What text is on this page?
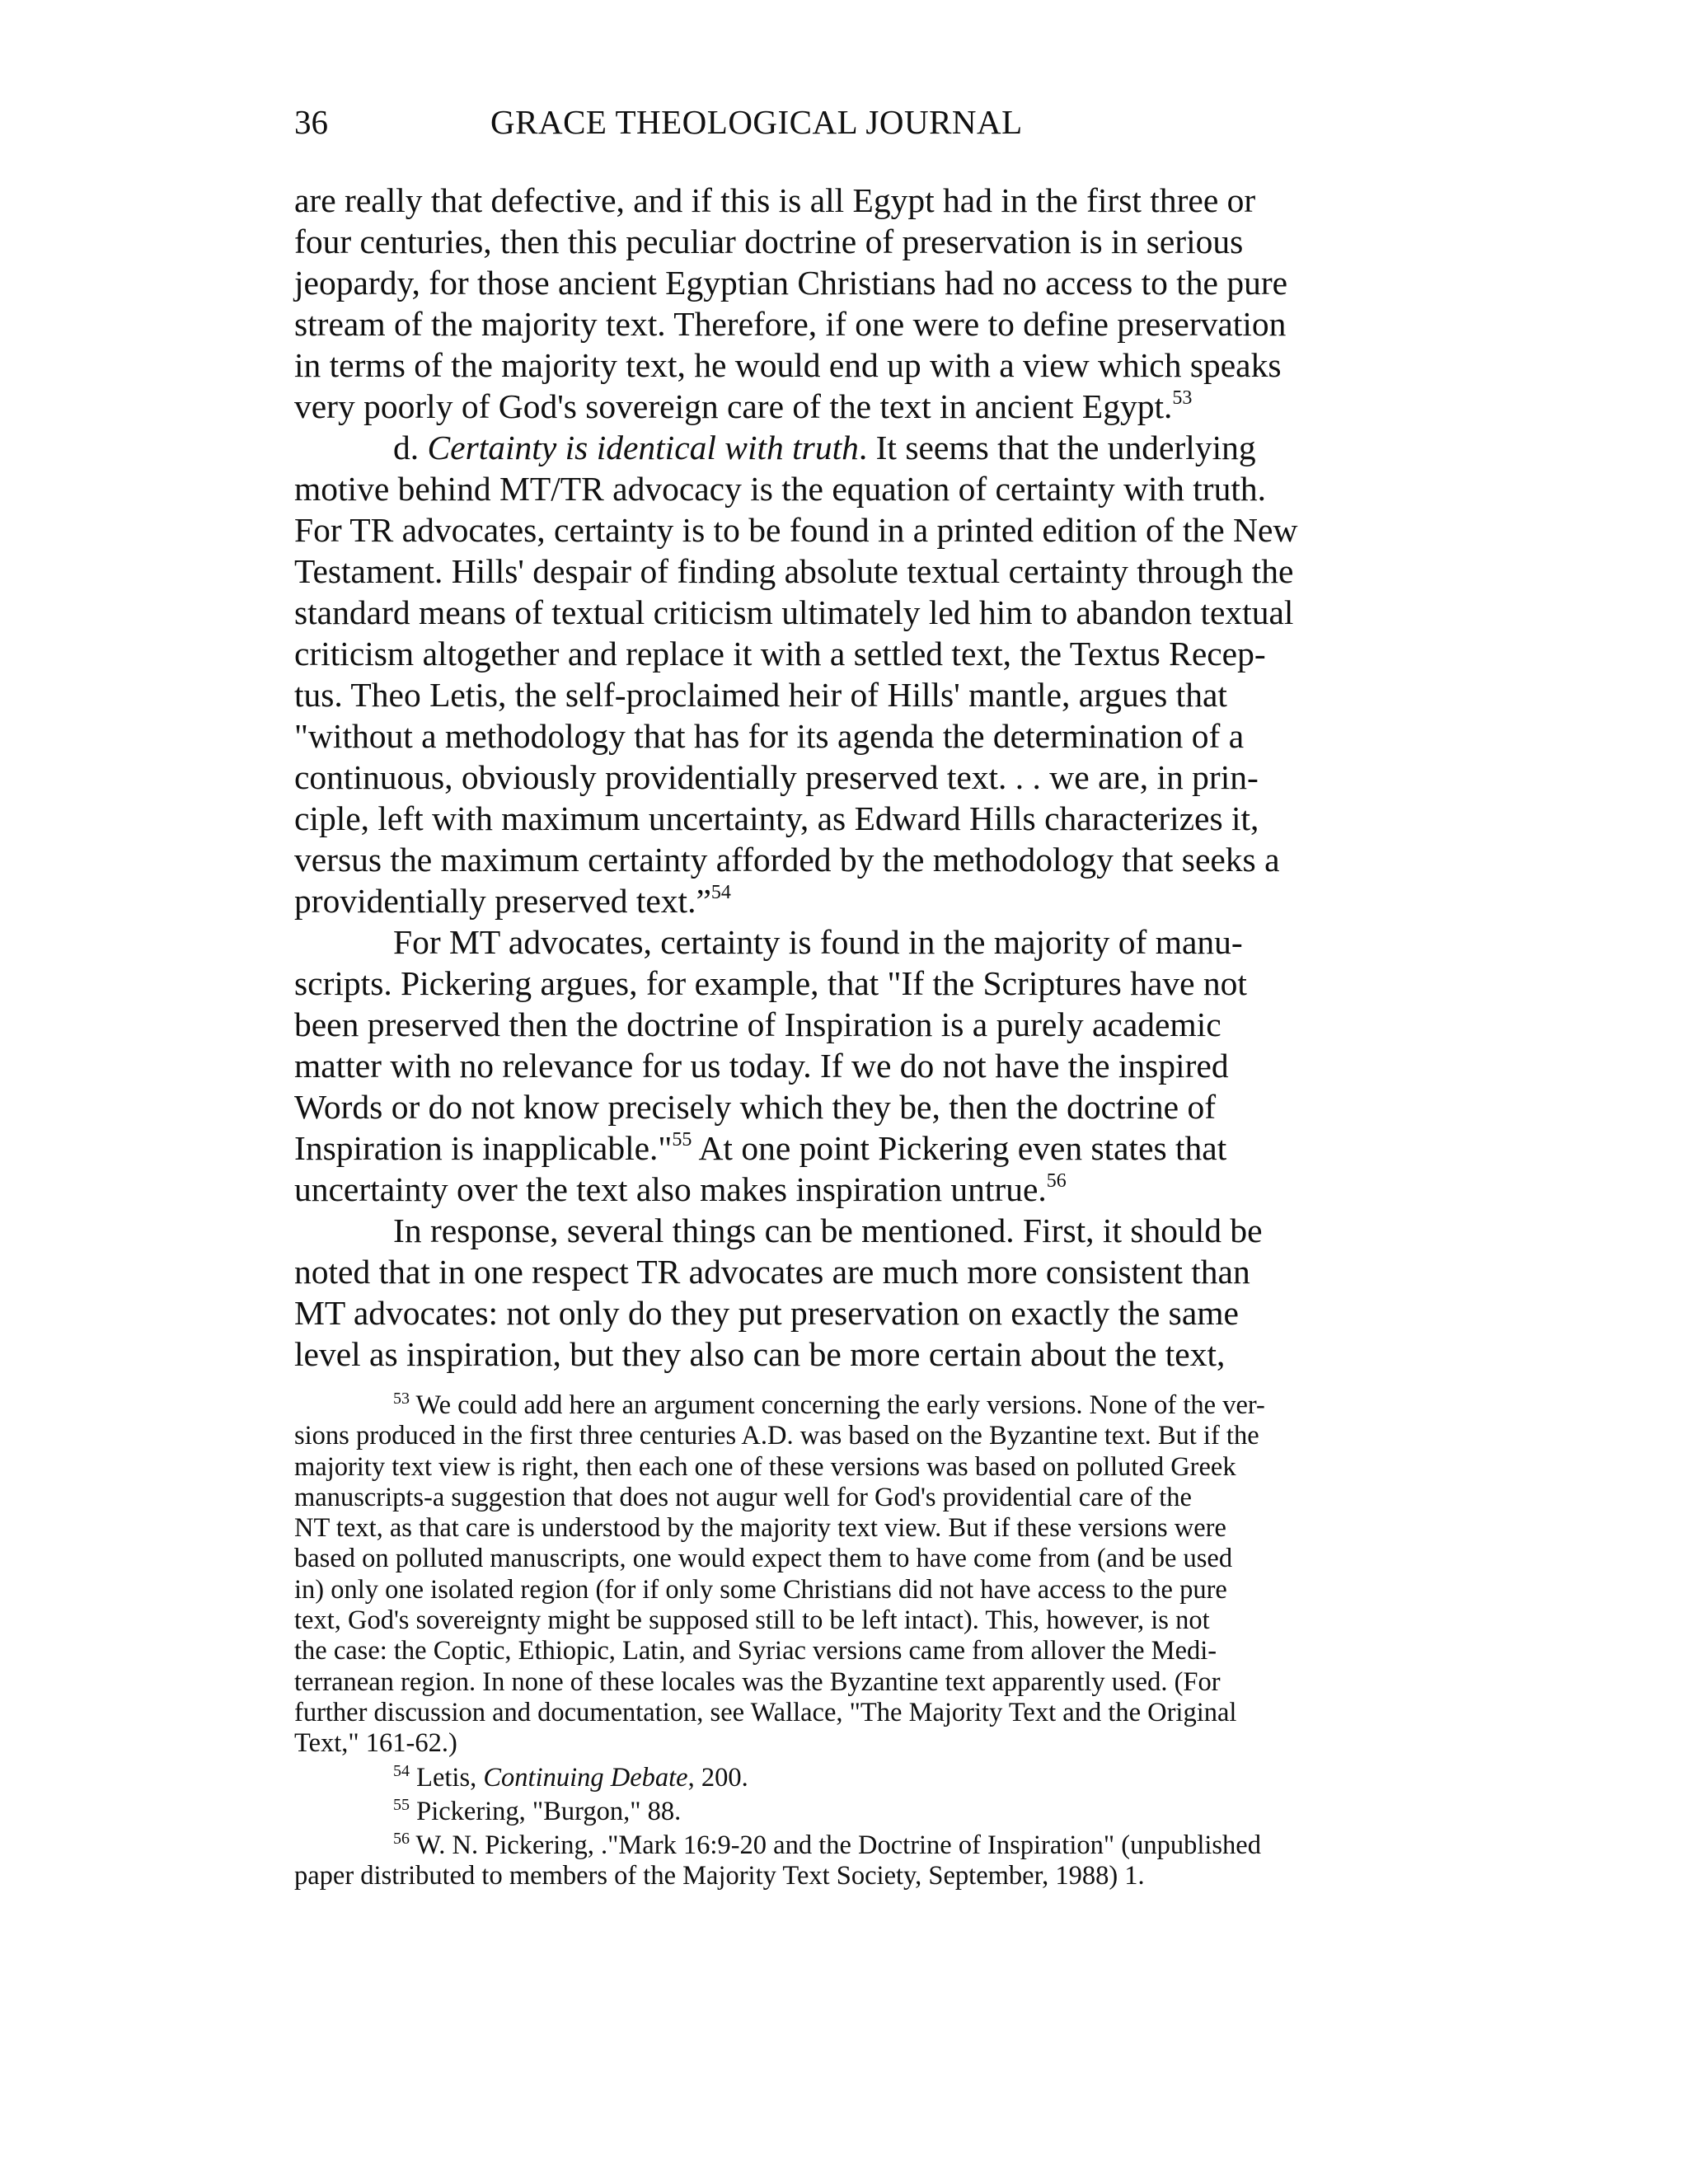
36	GRACE THEOLOGICAL JOURNAL
are really that defective, and if this is all Egypt had in the first three or
four centuries, then this peculiar doctrine of preservation is in serious
jeopardy, for those ancient Egyptian Christians had no access to the pure
stream of the majority text. Therefore, if one were to define preservation
in terms of the majority text, he would end up with a view which speaks
very poorly of God's sovereign care of the text in ancient Egypt.$^{53}$
d. Certainty is identical with truth. It seems that the underlying
motive behind MT/TR advocacy is the equation of certainty with truth.
For TR advocates, certainty is to be found in a printed edition of the New
Testament. Hills' despair of finding absolute textual certainty through the
standard means of textual criticism ultimately led him to abandon textual
criticism altogether and replace it with a settled text, the Textus Recep-
tus. Theo Letis, the self-proclaimed heir of Hills' mantle, argues that
"without a methodology that has for its agenda the determination of a
continuous, obviously providentially preserved text. . . we are, in prin-
ciple, left with maximum uncertainty, as Edward Hills characterizes it,
versus the maximum certainty afforded by the methodology that seeks a
providentially preserved text.”$^{54}$
For MT advocates, certainty is found in the majority of manu-
scripts. Pickering argues, for example, that "If the Scriptures have not
been preserved then the doctrine of Inspiration is a purely academic
matter with no relevance for us today. If we do not have the inspired
Words or do not know precisely which they be, then the doctrine of
Inspiration is inapplicable."$^{55}$ At one point Pickering even states that
uncertainty over the text also makes inspiration untrue.$^{56}$
In response, several things can be mentioned. First, it should be
noted that in one respect TR advocates are much more consistent than
MT advocates: not only do they put preservation on exactly the same
level as inspiration, but they also can be more certain about the text,
$^{53}$ We could add here an argument concerning the early versions. None of the ver-
sions produced in the first three centuries A.D. was based on the Byzantine text. But if the
majority text view is right, then each one of these versions was based on polluted Greek
manuscripts-a suggestion that does not augur well for God's providential care of the
NT text, as that care is understood by the majority text view. But if these versions were
based on polluted manuscripts, one would expect them to have come from (and be used
in) only one isolated region (for if only some Christians did not have access to the pure
text, God's sovereignty might be supposed still to be left intact). This, however, is not
the case: the Coptic, Ethiopic, Latin, and Syriac versions came from allover the Medi-
terranean region. In none of these locales was the Byzantine text apparently used. (For
further discussion and documentation, see Wallace, "The Majority Text and the Original
Text," 161-62.)
$^{54}$ Letis, Continuing Debate, 200.
$^{55}$ Pickering, "Burgon," 88.
$^{56}$ W. N. Pickering, ."Mark 16:9-20 and the Doctrine of Inspiration" (unpublished
paper distributed to members of the Majority Text Society, September, 1988) 1.
